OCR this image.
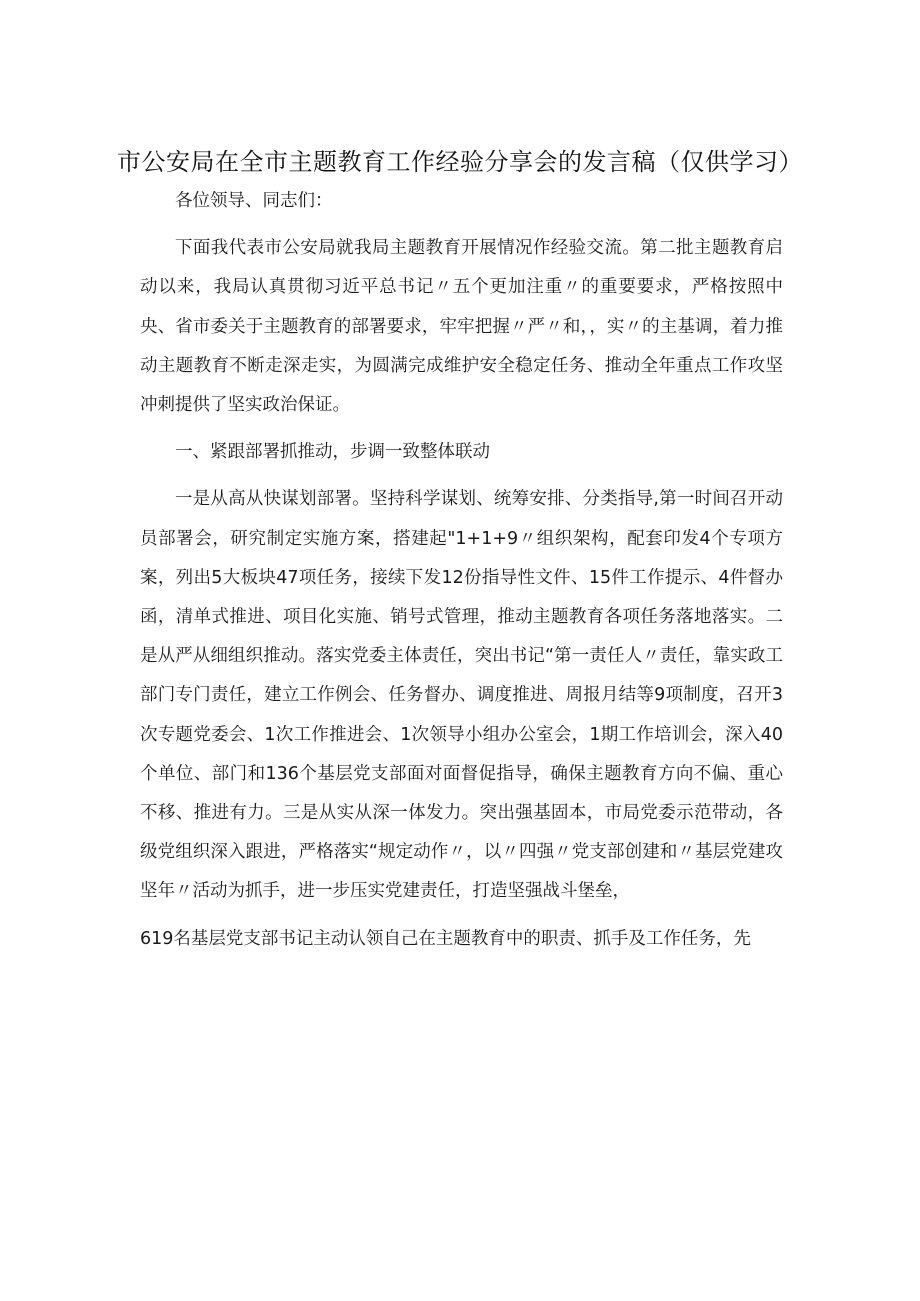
市公安局在全市主题教育工作经验分享会的发言稿（仅供学习）

各位领导、同志们：

下面我代表市公安局就我局主题教育开展情况作经验交流。第二批主题教育启动以来，我局认真贯彻习近平总书记〃五个更加注重〃的重要要求，严格按照中央、省市委关于主题教育的部署要求，牢牢把握〃严〃和，，实〃的主基调，着力推动主题教育不断走深走实，为圆满完成维护安全稳定任务、推动全年重点工作攻坚冲刺提供了坚实政治保证。

一、紧跟部署抓推动，步调一致整体联动

一是从高从快谋划部署。坚持科学谋划、统筹安排、分类指导,第一时间召开动员部署会，研究制定实施方案，搭建起"1+1+9〃组织架构，配套印发4个专项方案，列出5大板块47项任务，接续下发12份指导性文件、15件工作提示、4件督办函，清单式推进、项目化实施、销号式管理，推动主题教育各项任务落地落实。二是从严从细组织推动。落实党委主体责任，突出书记“第一责任人〃责任，靠实政工部门专门责任，建立工作例会、任务督办、调度推进、周报月结等9项制度，召开3次专题党委会、1次工作推进会、1次领导小组办公室会，1期工作培训会，深入40个单位、部门和136个基层党支部面对面督促指导，确保主题教育方向不偏、重心不移、推进有力。三是从实从深一体发力。突出强基固本，市局党委示范带动，各级党组织深入跟进，严格落实“规定动作〃，以〃四强〃党支部创建和〃基层党建攻坚年〃活动为抓手，进一步压实党建责任，打造坚强战斗堡垒，

619名基层党支部书记主动认领自己在主题教育中的职责、抓手及工作任务，先
